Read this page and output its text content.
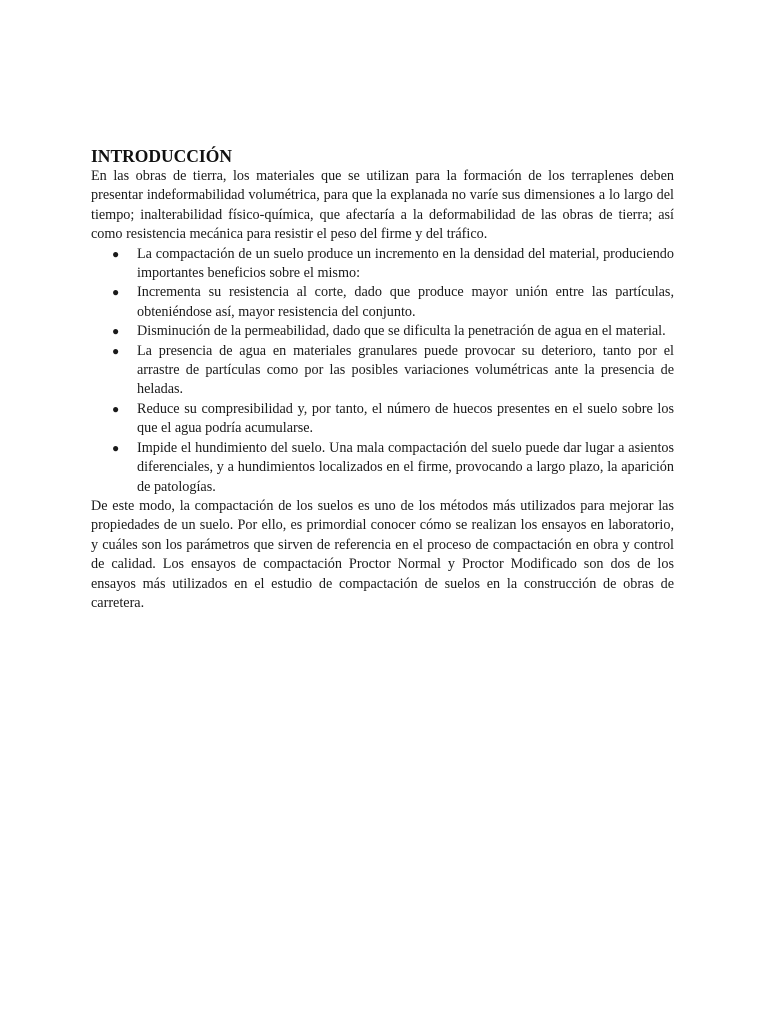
INTRODUCCIÓN

En las obras de tierra, los materiales que se utilizan para la formación de los terraplenes deben presentar indeformabilidad volumétrica, para que la explanada no varíe sus dimensiones a lo largo del tiempo; inalterabilidad físico-química, que afectaría a la deformabilidad de las obras de tierra; así como resistencia mecánica para resistir el peso del firme y del tráfico.

● La compactación de un suelo produce un incremento en la densidad del material, produciendo importantes beneficios sobre el mismo:
● Incrementa su resistencia al corte, dado que produce mayor unión entre las partículas, obteniéndose así, mayor resistencia del conjunto.
● Disminución de la permeabilidad, dado que se dificulta la penetración de agua en el material.
● La presencia de agua en materiales granulares puede provocar su deterioro, tanto por el arrastre de partículas como por las posibles variaciones volumétricas ante la presencia de heladas.
● Reduce su compresibilidad y, por tanto, el número de huecos presentes en el suelo sobre los que el agua podría acumularse.
● Impide el hundimiento del suelo. Una mala compactación del suelo puede dar lugar a asientos diferenciales, y a hundimientos localizados en el firme, provocando a largo plazo, la aparición de patologías.

De este modo, la compactación de los suelos es uno de los métodos más utilizados para mejorar las propiedades de un suelo. Por ello, es primordial conocer cómo se realizan los ensayos en laboratorio, y cuáles son los parámetros que sirven de referencia en el proceso de compactación en obra y control de calidad. Los ensayos de compactación Proctor Normal y Proctor Modificado son dos de los ensayos más utilizados en el estudio de compactación de suelos en la construcción de obras de carretera.
